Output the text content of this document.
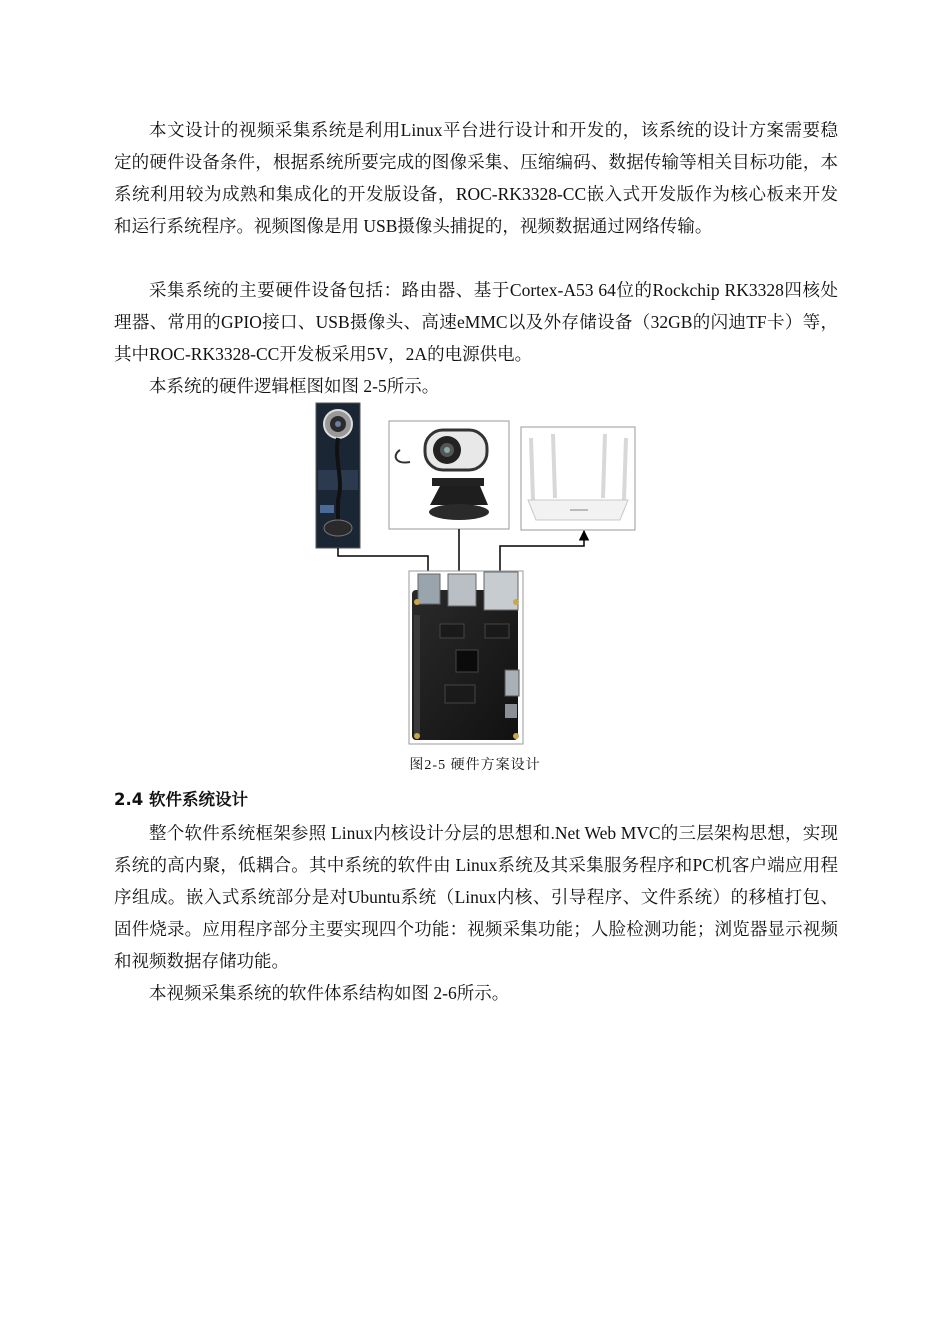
本文设计的视频采集系统是利用Linux平台进行设计和开发的，该系统的设计方案需要稳定的硬件设备条件，根据系统所要完成的图像采集、压缩编码、数据传输等相关目标功能，本系统利用较为成熟和集成化的开发版设备，ROC-RK3328-CC嵌入式开发版作为核心板来开发和运行系统程序。视频图像是用 USB摄像头捕捉的，视频数据通过网络传输。

采集系统的主要硬件设备包括：路由器、基于Cortex-A53 64位的Rockchip RK3328四核处理器、常用的GPIO接口、USB摄像头、高速eMMC以及外存储设备（32GB的闪迪TF卡）等，其中ROC-RK3328-CC开发板采用5V，2A的电源供电。

本系统的硬件逻辑框图如图 2-5所示。

图2-5 硬件方案设计
2.4 软件系统设计

整个软件系统框架参照 Linux内核设计分层的思想和.Net Web MVC的三层架构思想，实现系统的高内聚，低耦合。其中系统的软件由 Linux系统及其采集服务程序和PC机客户端应用程序组成。嵌入式系统部分是对Ubuntu系统（Linux内核、引导程序、文件系统）的移植打包、固件烧录。应用程序部分主要实现四个功能：视频采集功能；人脸检测功能；浏览器显示视频和视频数据存储功能。

本视频采集系统的软件体系结构如图 2-6所示。
